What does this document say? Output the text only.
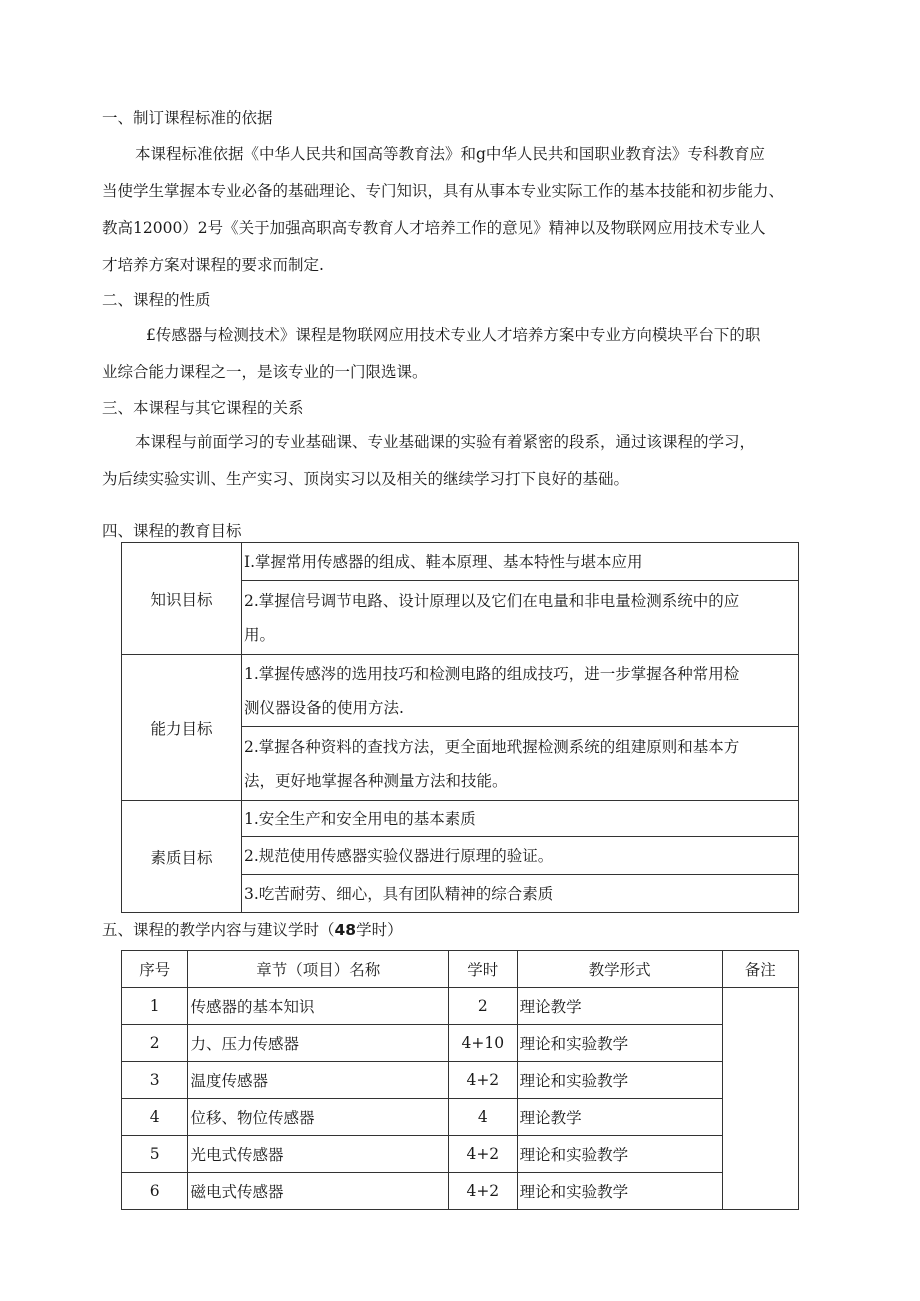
一、制订课程标准的依据
本课程标准依据《中华人民共和国高等教育法》和g中华人民共和国职业教育法》专科教育应
当使学生掌握本专业必备的基础理论、专门知识，具有从事本专业实际工作的基本技能和初步能力、
教高12000）2号《关于加强高职高专教育人才培养工作的意见》精神以及物联网应用技术专业人
才培养方案对课程的要求而制定.
二、课程的性质
£传感器与检测技术》课程是物联网应用技术专业人才培养方案中专业方向模块平台下的职
业综合能力课程之一，是该专业的一门限选课。
三、本课程与其它课程的关系
本课程与前面学习的专业基础课、专业基础课的实验有着紧密的段系，通过该课程的学习，
为后续实验实训、生产实习、顶岗实习以及相关的继续学习打下良好的基础。
四、课程的教育目标
知识目标	I.掌握常用传感器的组成、鞋本原理、基本特性与堪本应用

	2.掌握信号调节电路、设计原理以及它们在电量和非电量检测系统中的应
用。

能力目标	1.掌握传感涔的选用技巧和检测电路的组成技巧，进一步掌握各种常用检
测仪器设备的使用方法.

	2.掌握各种资料的查找方法，更全面地玳握检测系统的组建原则和基本方
法，更好地掌握各种测量方法和技能。

素质目标	1.安全生产和安全用电的基本素质
	2.规范使用传感器实验仪器进行原理的验证。
	3.吃苦耐劳、细心，具有团队精神的综合素质
五、课程的教学内容与建议学时（48学时）
序号	章节（项目）名称	学时	教学形式	备注
1	传感器的基本知识	2	理论教学	
2	力、压力传感器	4+10	理论和实验教学	
3	温度传感器	4+2	理论和实验教学	
4	位移、物位传感器	4	理论教学	
5	光电式传感器	4+2	理论和实验教学	
6	磁电式传感器	4+2	理论和实验教学	
